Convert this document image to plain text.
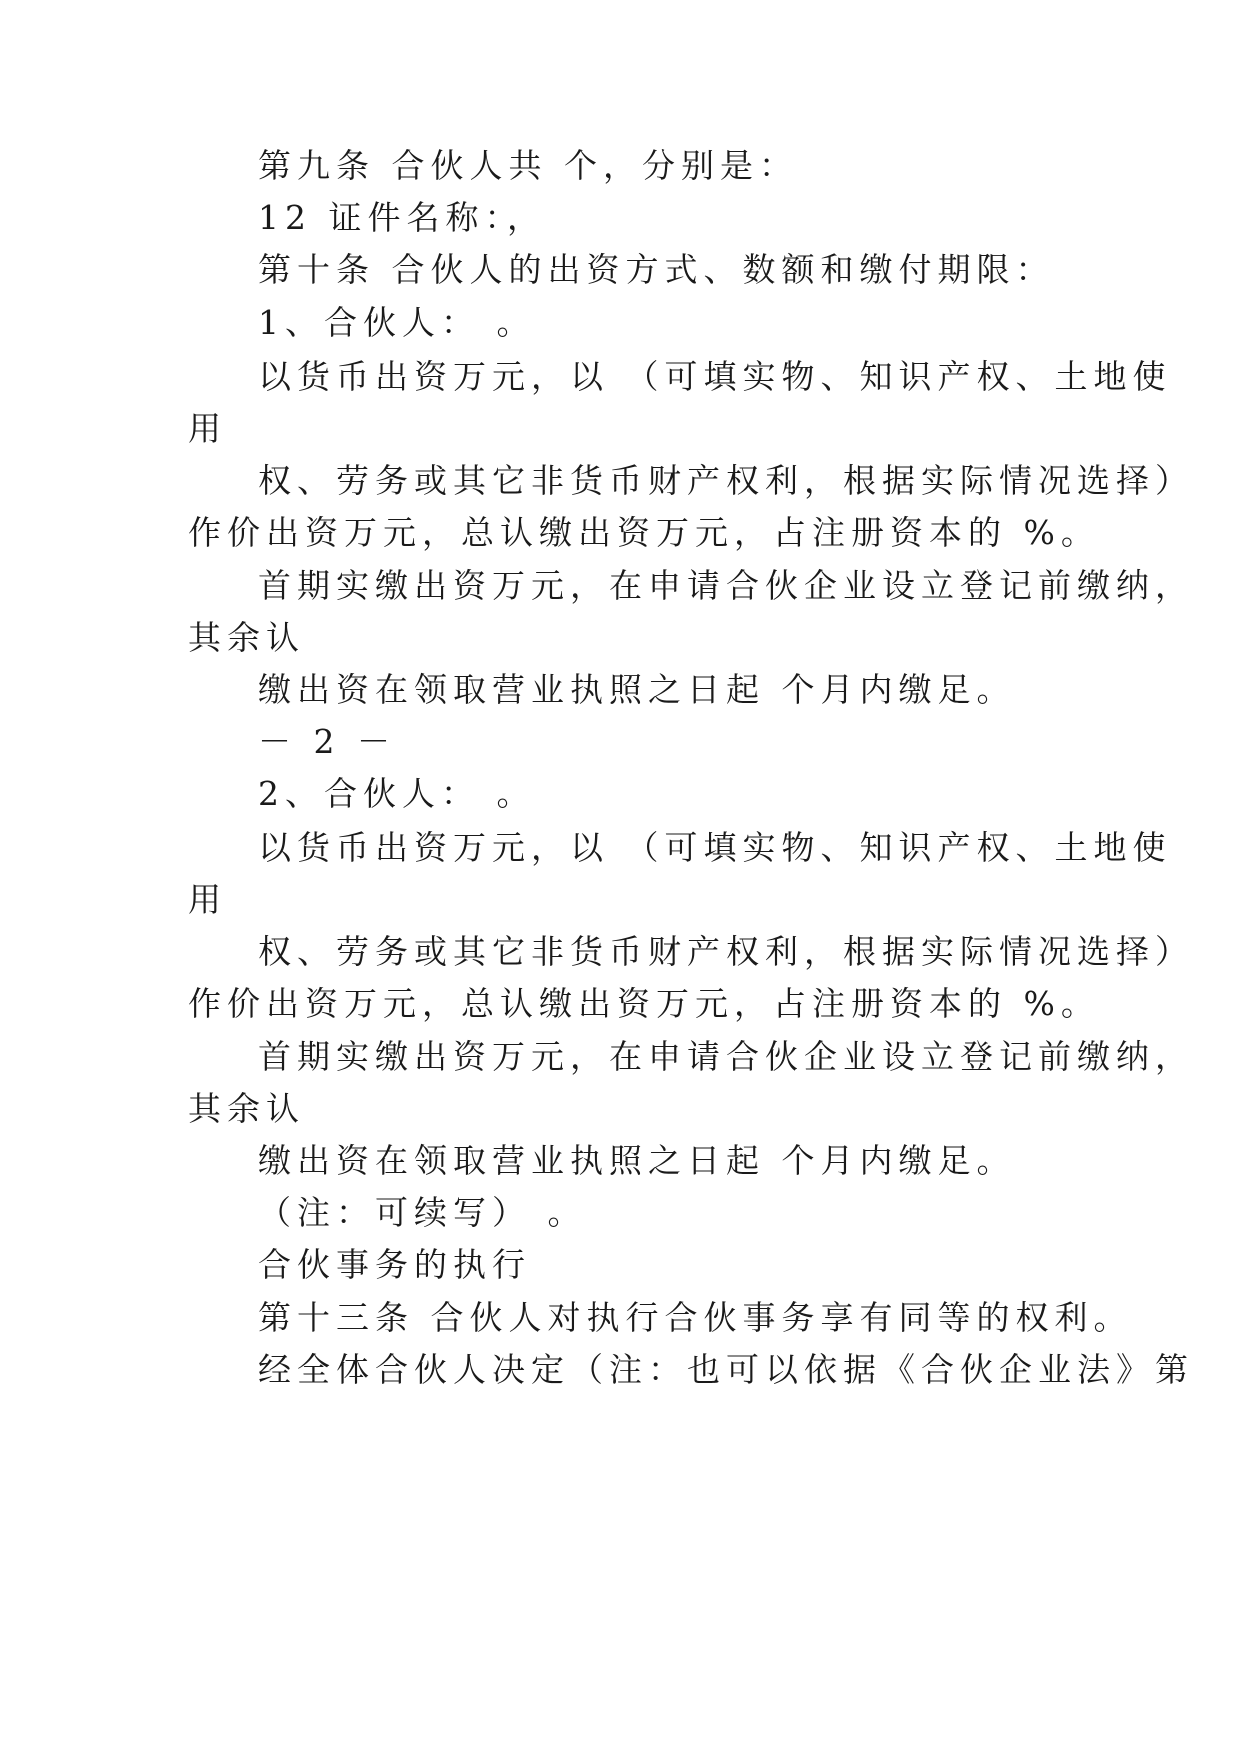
第九条 合伙人共 个，分别是：
12 证件名称：，
第十条 合伙人的出资方式、数额和缴付期限：
1、合伙人： 。
以货币出资万元，以 （可填实物、知识产权、土地使
用
权、劳务或其它非货币财产权利，根据实际情况选择）
作价出资万元，总认缴出资万元，占注册资本的 %。
首期实缴出资万元，在申请合伙企业设立登记前缴纳，
其余认
缴出资在领取营业执照之日起 个月内缴足。
－ 2 －
2、合伙人： 。
以货币出资万元，以 （可填实物、知识产权、土地使
用
权、劳务或其它非货币财产权利，根据实际情况选择）
作价出资万元，总认缴出资万元，占注册资本的 %。
首期实缴出资万元，在申请合伙企业设立登记前缴纳，
其余认
缴出资在领取营业执照之日起 个月内缴足。
（注：可续写） 。
合伙事务的执行
第十三条 合伙人对执行合伙事务享有同等的权利。
经全体合伙人决定（注：也可以依据《合伙企业法》第
